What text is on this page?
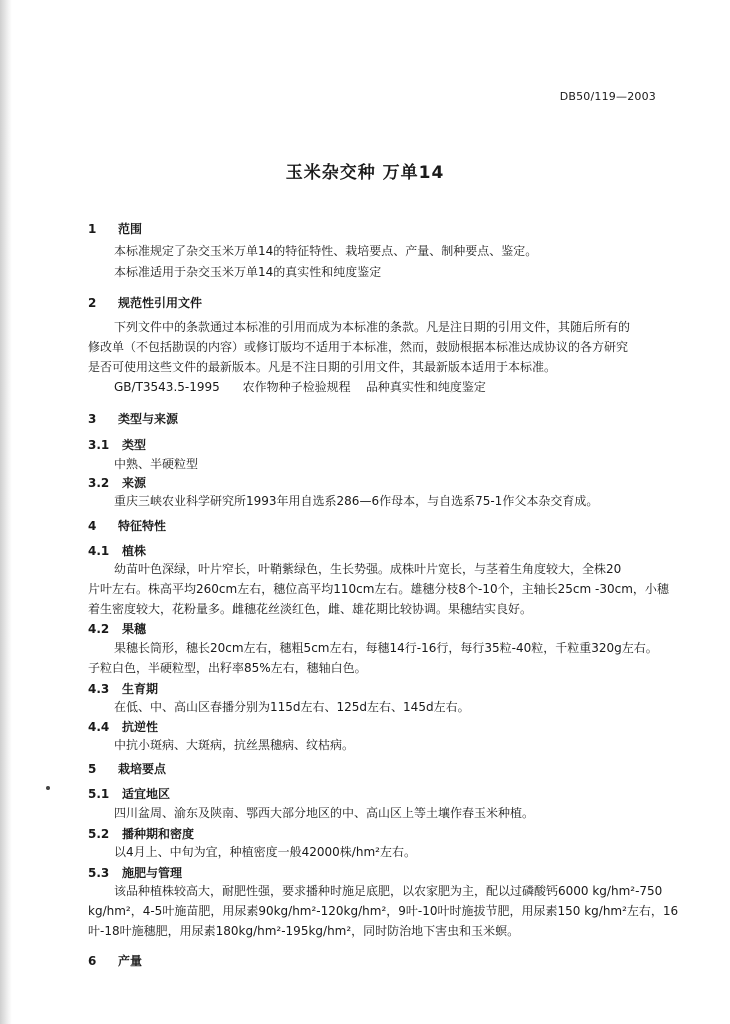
DB50/119—2003
玉米杂交种 万单14
1 范围
本标准规定了杂交玉米万单14的特征特性、栽培要点、产量、制种要点、鉴定。
本标准适用于杂交玉米万单14的真实性和纯度鉴定
2 规范性引用文件
下列文件中的条款通过本标准的引用而成为本标准的条款。凡是注日期的引用文件，其随后所有的
修改单（不包括勘误的内容）或修订版均不适用于本标准，然而，鼓励根据本标准达成协议的各方研究
是否可使用这些文件的最新版本。凡是不注日期的引用文件，其最新版本适用于本标准。
GB/T3543.5-1995      农作物种子检验规程    品种真实性和纯度鉴定
3 类型与来源
3.1 类型
中熟、半硬粒型
3.2 来源
重庆三峡农业科学研究所1993年用自选系286—6作母本，与自选系75-1作父本杂交育成。
4 特征特性
4.1 植株
幼苗叶色深绿，叶片窄长，叶鞘紫绿色，生长势强。成株叶片宽长，与茎着生角度较大，全株20
片叶左右。株高平均260cm左右，穗位高平均110cm左右。雄穗分枝8个-10个，主轴长25cm -30cm，小穗
着生密度较大，花粉量多。雌穗花丝淡红色，雌、雄花期比较协调。果穗结实良好。
4.2 果穗
果穗长筒形，穗长20cm左右，穗粗5cm左右，每穗14行-16行，每行35粒-40粒，千粒重320g左右。
子粒白色，半硬粒型，出籽率85%左右，穗轴白色。
4.3 生育期
在低、中、高山区春播分别为115d左右、125d左右、145d左右。
4.4 抗逆性
中抗小斑病、大斑病，抗丝黑穗病、纹枯病。
5 栽培要点
5.1 适宜地区
四川盆周、渝东及陕南、鄂西大部分地区的中、高山区上等土壤作春玉米种植。
5.2 播种期和密度
以4月上、中旬为宜，种植密度一般42000株/hm²左右。
5.3 施肥与管理
该品种植株较高大，耐肥性强，要求播种时施足底肥，以农家肥为主，配以过磷酸钙6000 kg/hm²-750
kg/hm²，4-5叶施苗肥，用尿素90kg/hm²-120kg/hm²，9叶-10叶时施拔节肥，用尿素150 kg/hm²左右，16
叶-18叶施穗肥，用尿素180kg/hm²-195kg/hm²，同时防治地下害虫和玉米螟。
6 产量
